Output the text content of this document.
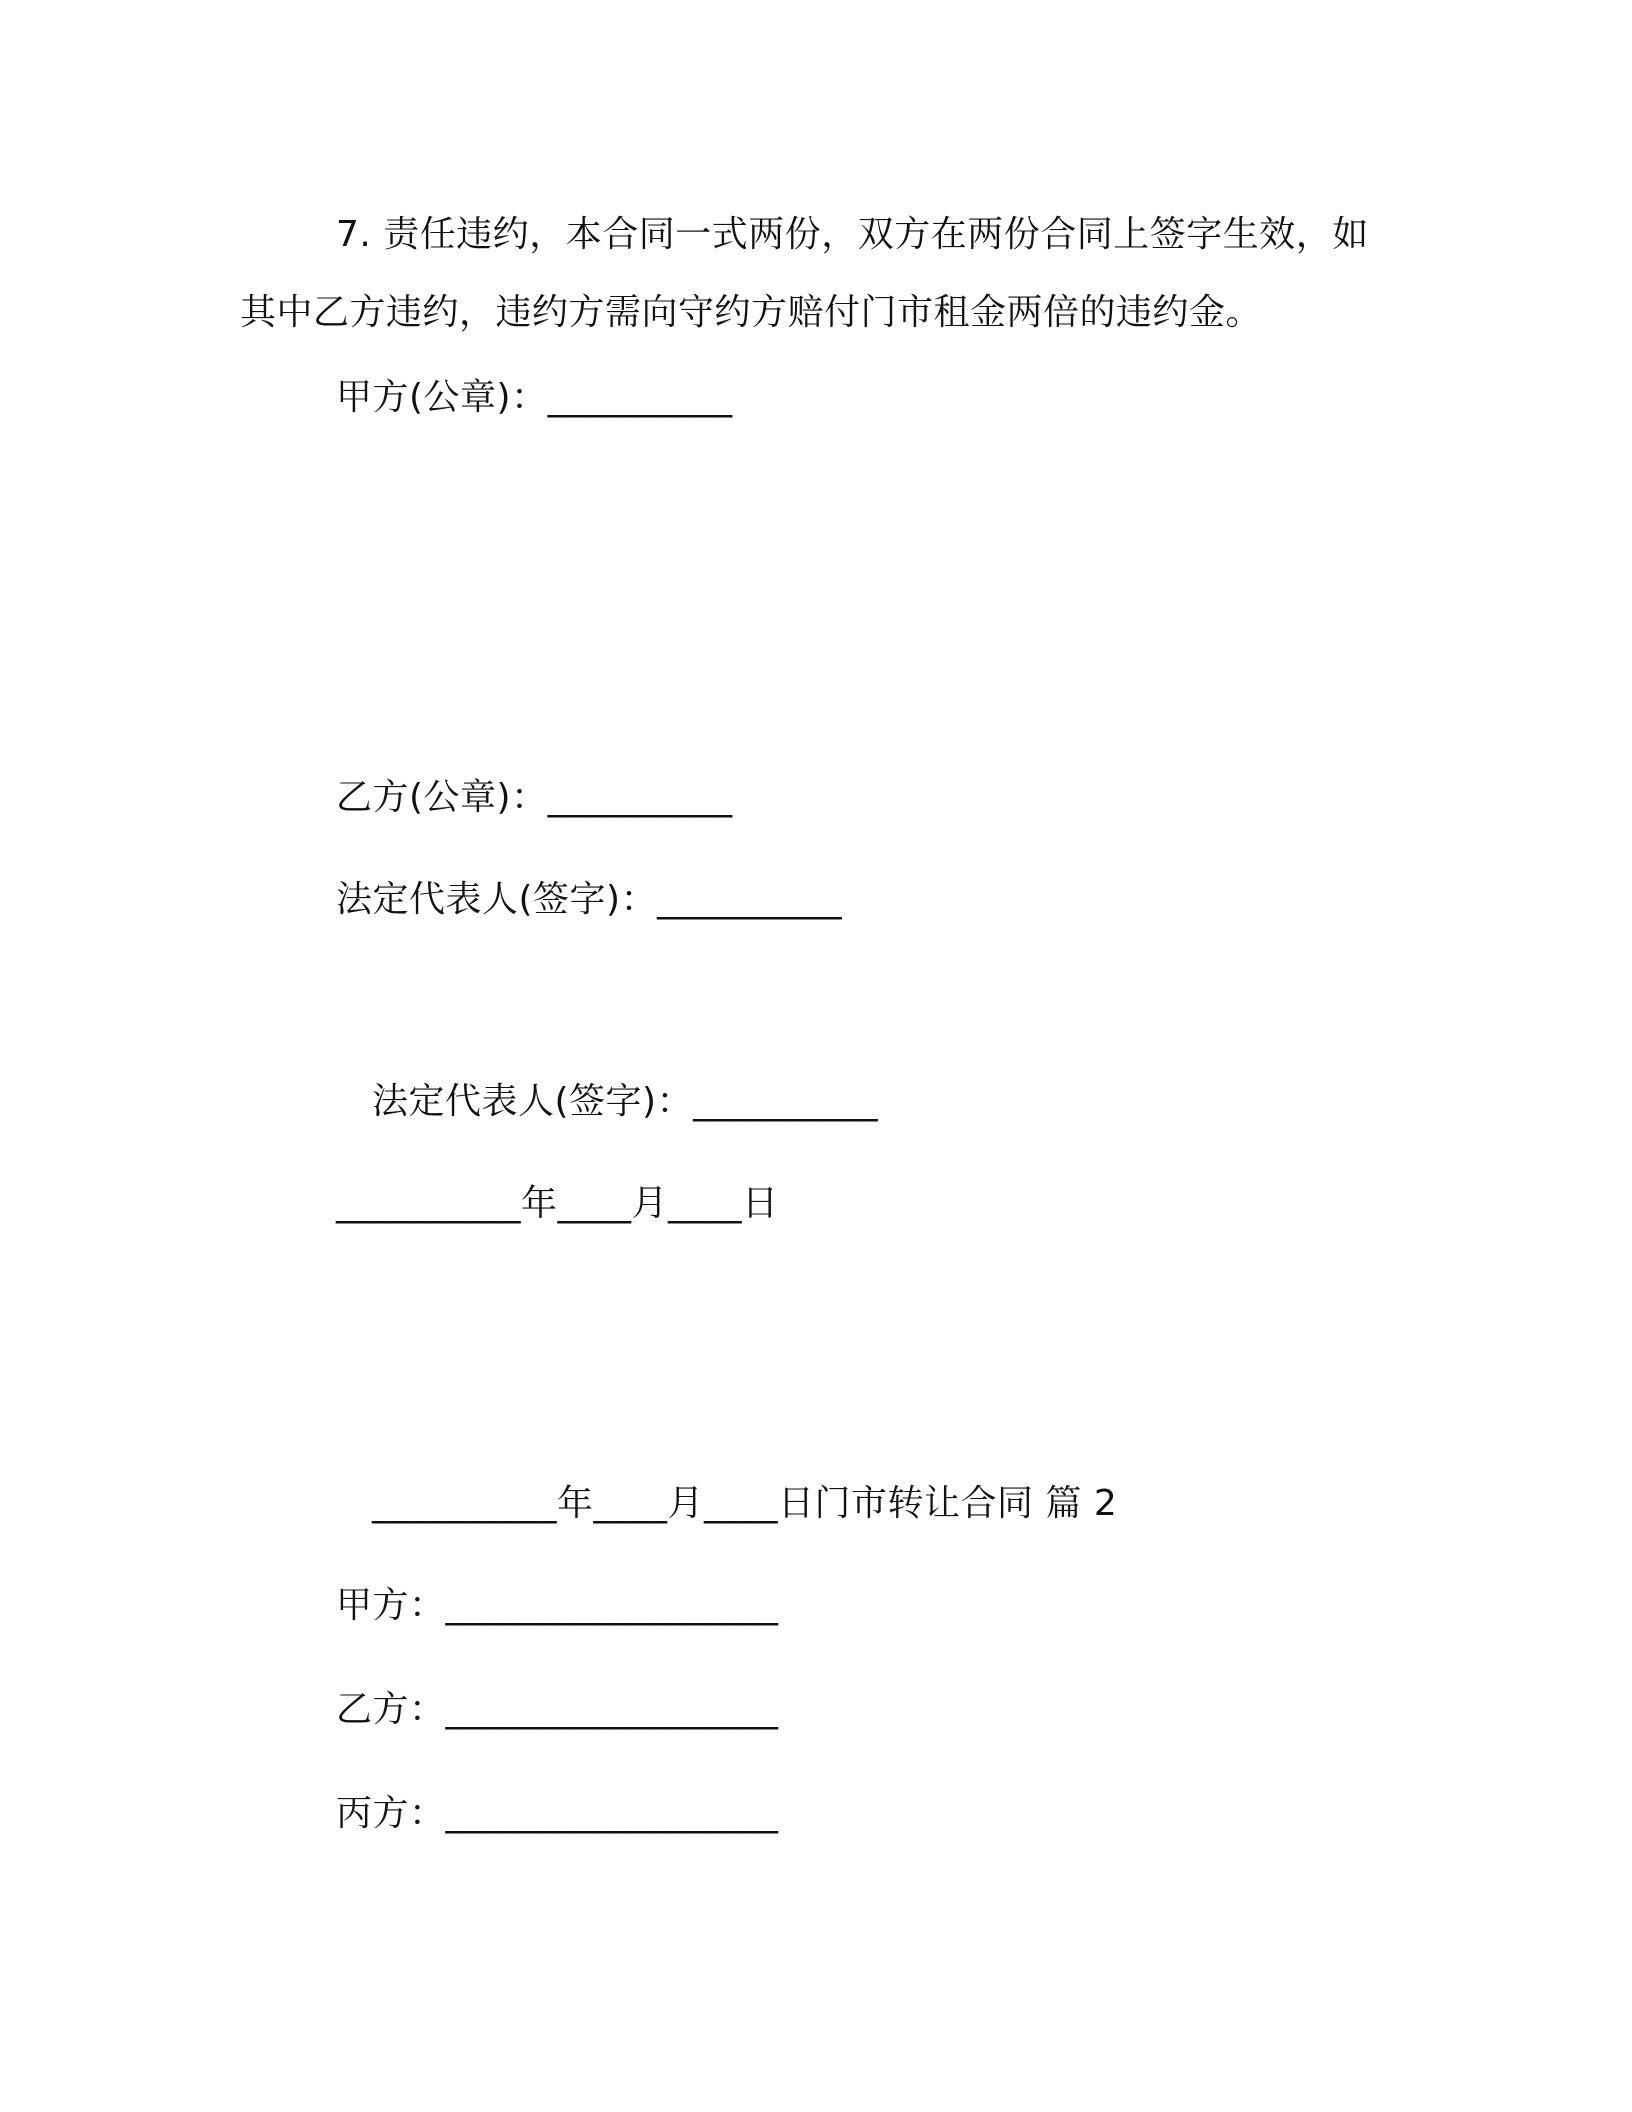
7. 责任违约，本合同一式两份，双方在两份合同上签字生效，如其中乙方违约，违约方需向守约方赔付门市租金两倍的违约金。
甲方(公章)：__________
乙方(公章)：__________
法定代表人(签字)：__________
法定代表人(签字)：__________
__________年____月____日
__________年____月____日门市转让合同 篇 2
甲方：__________________
乙方：__________________
丙方：__________________
